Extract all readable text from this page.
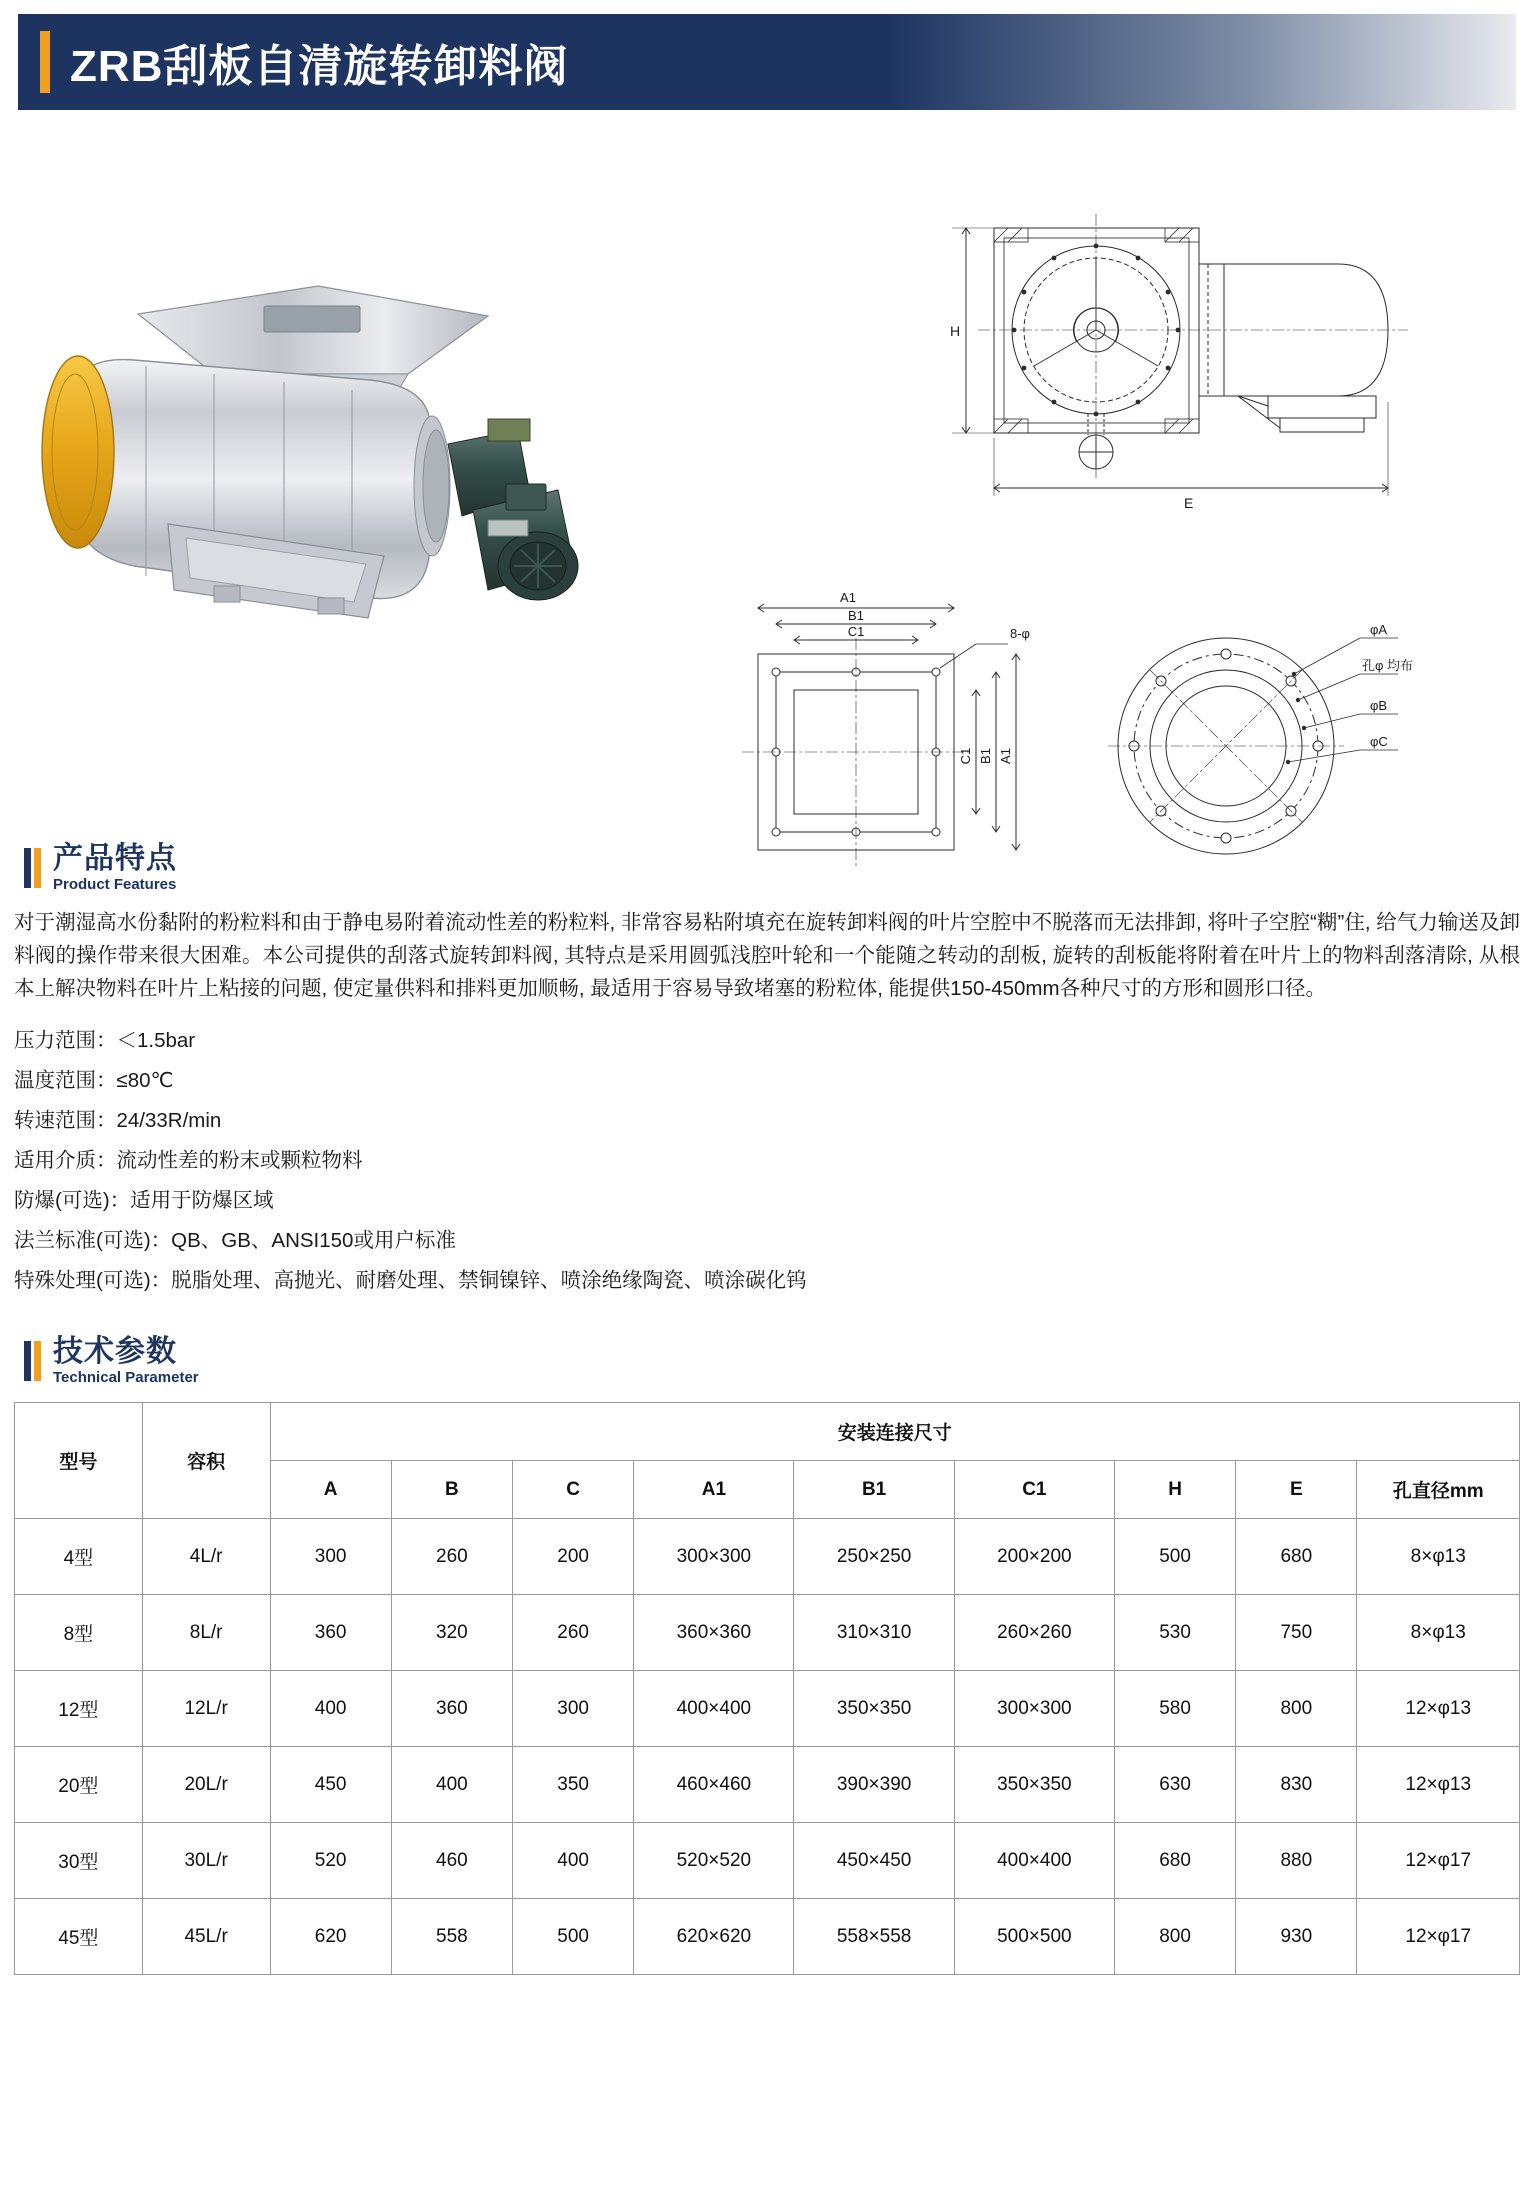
ZRB刮板自清旋转卸料阀
H
E
A1
B1
C1	8-φ
C1 B1 A1
φA
孔φ 均布
φB
φC
产品特点
Product Features

对于潮湿高水份黏附的粉粒料和由于静电易附着流动性差的粉粒料, 非常容易粘附填充在旋转卸料阀的叶片空腔中不脱落而无法排卸, 将叶子空腔“糊”住, 给气力输送及卸料阀的操作带来很大困难。本公司提供的刮落式旋转卸料阀, 其特点是采用圆弧浅腔叶轮和一个能随之转动的刮板, 旋转的刮板能将附着在叶片上的物料刮落清除, 从根本上解决物料在叶片上粘接的问题, 使定量供料和排料更加顺畅, 最适用于容易导致堵塞的粉粒体, 能提供150-450mm各种尺寸的方形和圆形口径。

压力范围：＜1.5bar
温度范围：≤80℃
转速范围：24/33R/min
适用介质：流动性差的粉末或颗粒物料
防爆(可选)：适用于防爆区域
法兰标准(可选)：QB、GB、ANSI150或用户标准
特殊处理(可选)：脱脂处理、高抛光、耐磨处理、禁铜镍锌、喷涂绝缘陶瓷、喷涂碳化钨
技术参数
Technical Parameter
型号	容积	安装连接尺寸								
		A	B	C	A1	B1	C1	H	E	孔直径mm
4型	4L/r	300	260	200	300×300	250×250	200×200	500	680	8×φ13
8型	8L/r	360	320	260	360×360	310×310	260×260	530	750	8×φ13
12型	12L/r	400	360	300	400×400	350×350	300×300	580	800	12×φ13
20型	20L/r	450	400	350	460×460	390×390	350×350	630	830	12×φ13
30型	30L/r	520	460	400	520×520	450×450	400×400	680	880	12×φ17
45型	45L/r	620	558	500	620×620	558×558	500×500	800	930	12×φ17
